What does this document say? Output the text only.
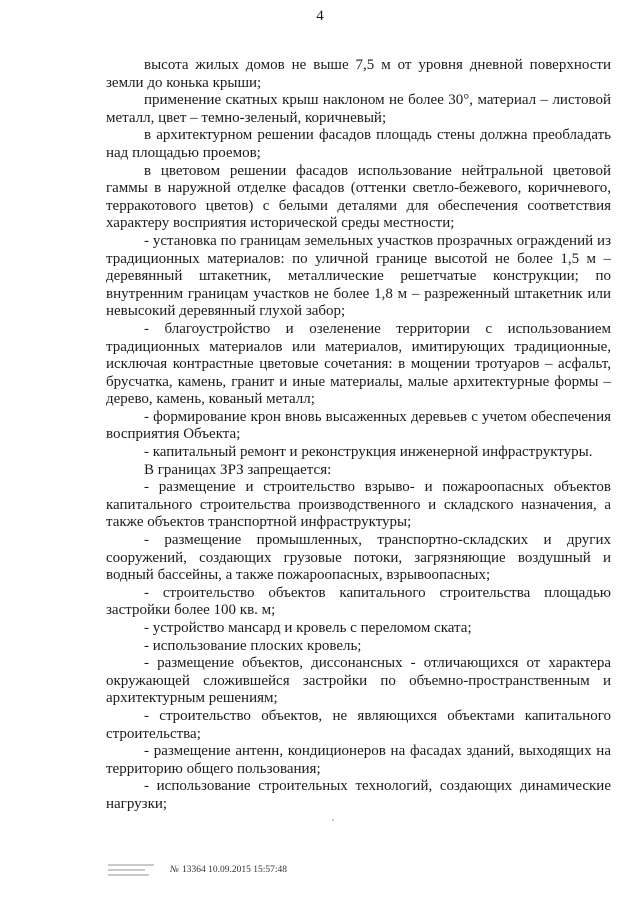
4

высота жилых домов не выше 7,5 м от уровня дневной поверхности земли до конька крыши;

применение скатных крыш наклоном не более 30°, материал – листовой металл, цвет – темно-зеленый, коричневый;

в архитектурном решении фасадов площадь стены должна преобладать над площадью проемов;

в цветовом решении фасадов использование нейтральной цветовой гаммы в наружной отделке фасадов (оттенки светло-бежевого, коричневого, терракотового цветов) с белыми деталями для обеспечения соответствия характеру восприятия исторической среды местности;

- установка по границам земельных участков прозрачных ограждений из традиционных материалов: по уличной границе высотой не более 1,5 м – деревянный штакетник, металлические решетчатые конструкции; по внутренним границам участков не более 1,8 м – разреженный штакетник или невысокий деревянный глухой забор;

- благоустройство и озеленение территории с использованием традиционных материалов или материалов, имитирующих традиционные, исключая контрастные цветовые сочетания: в мощении тротуаров – асфальт, брусчатка, камень, гранит и иные материалы, малые архитектурные формы – дерево, камень, кованый металл;

- формирование крон вновь высаженных деревьев с учетом обеспечения восприятия Объекта;

- капитальный ремонт и реконструкция инженерной инфраструктуры.

В границах ЗРЗ запрещается:

- размещение и строительство взрыво- и пожароопасных объектов капитального строительства производственного и складского назначения, а также объектов транспортной инфраструктуры;

- размещение промышленных, транспортно-складских и других сооружений, создающих грузовые потоки, загрязняющие воздушный и водный бассейны, а также пожароопасных, взрывоопасных;

- строительство объектов капитального строительства площадью застройки более 100 кв. м;

- устройство мансард и кровель с переломом ската;

- использование плоских кровель;

- размещение объектов, диссонансных - отличающихся от характера окружающей сложившейся застройки по объемно-пространственным и архитектурным решениям;

- строительство объектов, не являющихся объектами капитального строительства;

- размещение антенн, кондиционеров на фасадах зданий, выходящих на территорию общего пользования;

- использование строительных технологий, создающих динамические нагрузки;

№ 13364 10.09.2015 15:57:48
